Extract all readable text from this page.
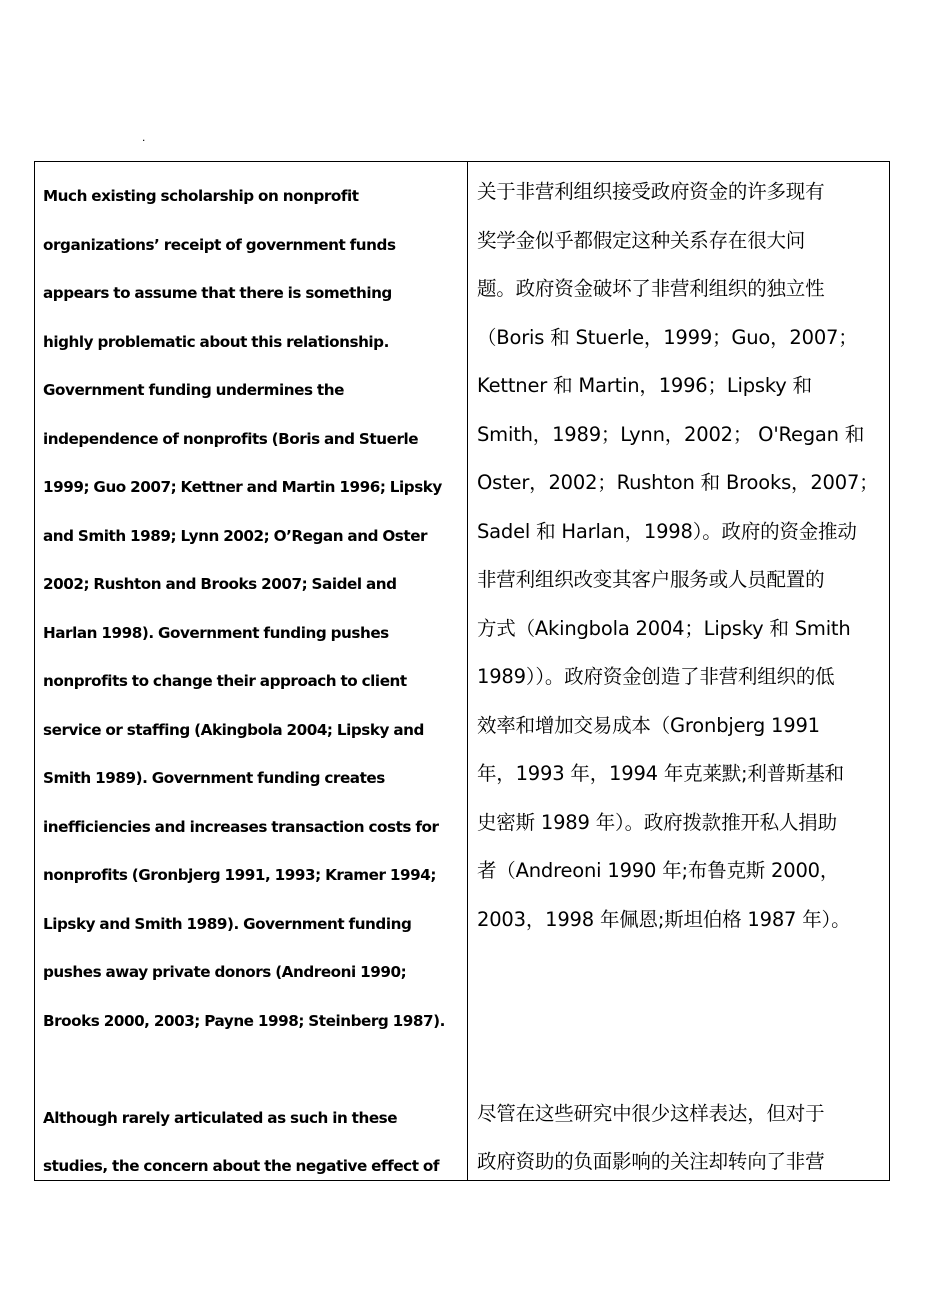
.

Much existing scholarship on nonprofit
organizations’ receipt of government funds
appears to assume that there is something
highly problematic about this relationship.
Government funding undermines the
independence of nonprofits (Boris and Stuerle
1999; Guo 2007; Kettner and Martin 1996; Lipsky
and Smith 1989; Lynn 2002; O’Regan and Oster
2002; Rushton and Brooks 2007; Saidel and
Harlan 1998). Government funding pushes
nonprofits to change their approach to client
service or staffing (Akingbola 2004; Lipsky and
Smith 1989). Government funding creates
inefficiencies and increases transaction costs for
nonprofits (Gronbjerg 1991, 1993; Kramer 1994;
Lipsky and Smith 1989). Government funding
pushes away private donors (Andreoni 1990;
Brooks 2000, 2003; Payne 1998; Steinberg 1987).

Although rarely articulated as such in these
studies, the concern about the negative effect of

关于非营利组织接受政府资金的许多现有
奖学金似乎都假定这种关系存在很大问
题。政府资金破坏了非营利组织的独立性
（Boris 和 Stuerle，1999；Guo，2007；
Kettner 和 Martin，1996；Lipsky 和
Smith，1989；Lynn，2002； O'Regan 和
Oster，2002；Rushton 和 Brooks，2007；
Sadel 和 Harlan，1998）。政府的资金推动
非营利组织改变其客户服务或人员配置的
方式（Akingbola 2004；Lipsky 和 Smith
1989））。政府资金创造了非营利组织的低
效率和增加交易成本（Gronbjerg 1991
年，1993 年，1994 年克莱默;利普斯基和
史密斯 1989 年）。政府拨款推开私人捐助
者（Andreoni 1990 年;布鲁克斯 2000，
2003，1998 年佩恩;斯坦伯格 1987 年）。

尽管在这些研究中很少这样表达，但对于
政府资助的负面影响的关注却转向了非营
